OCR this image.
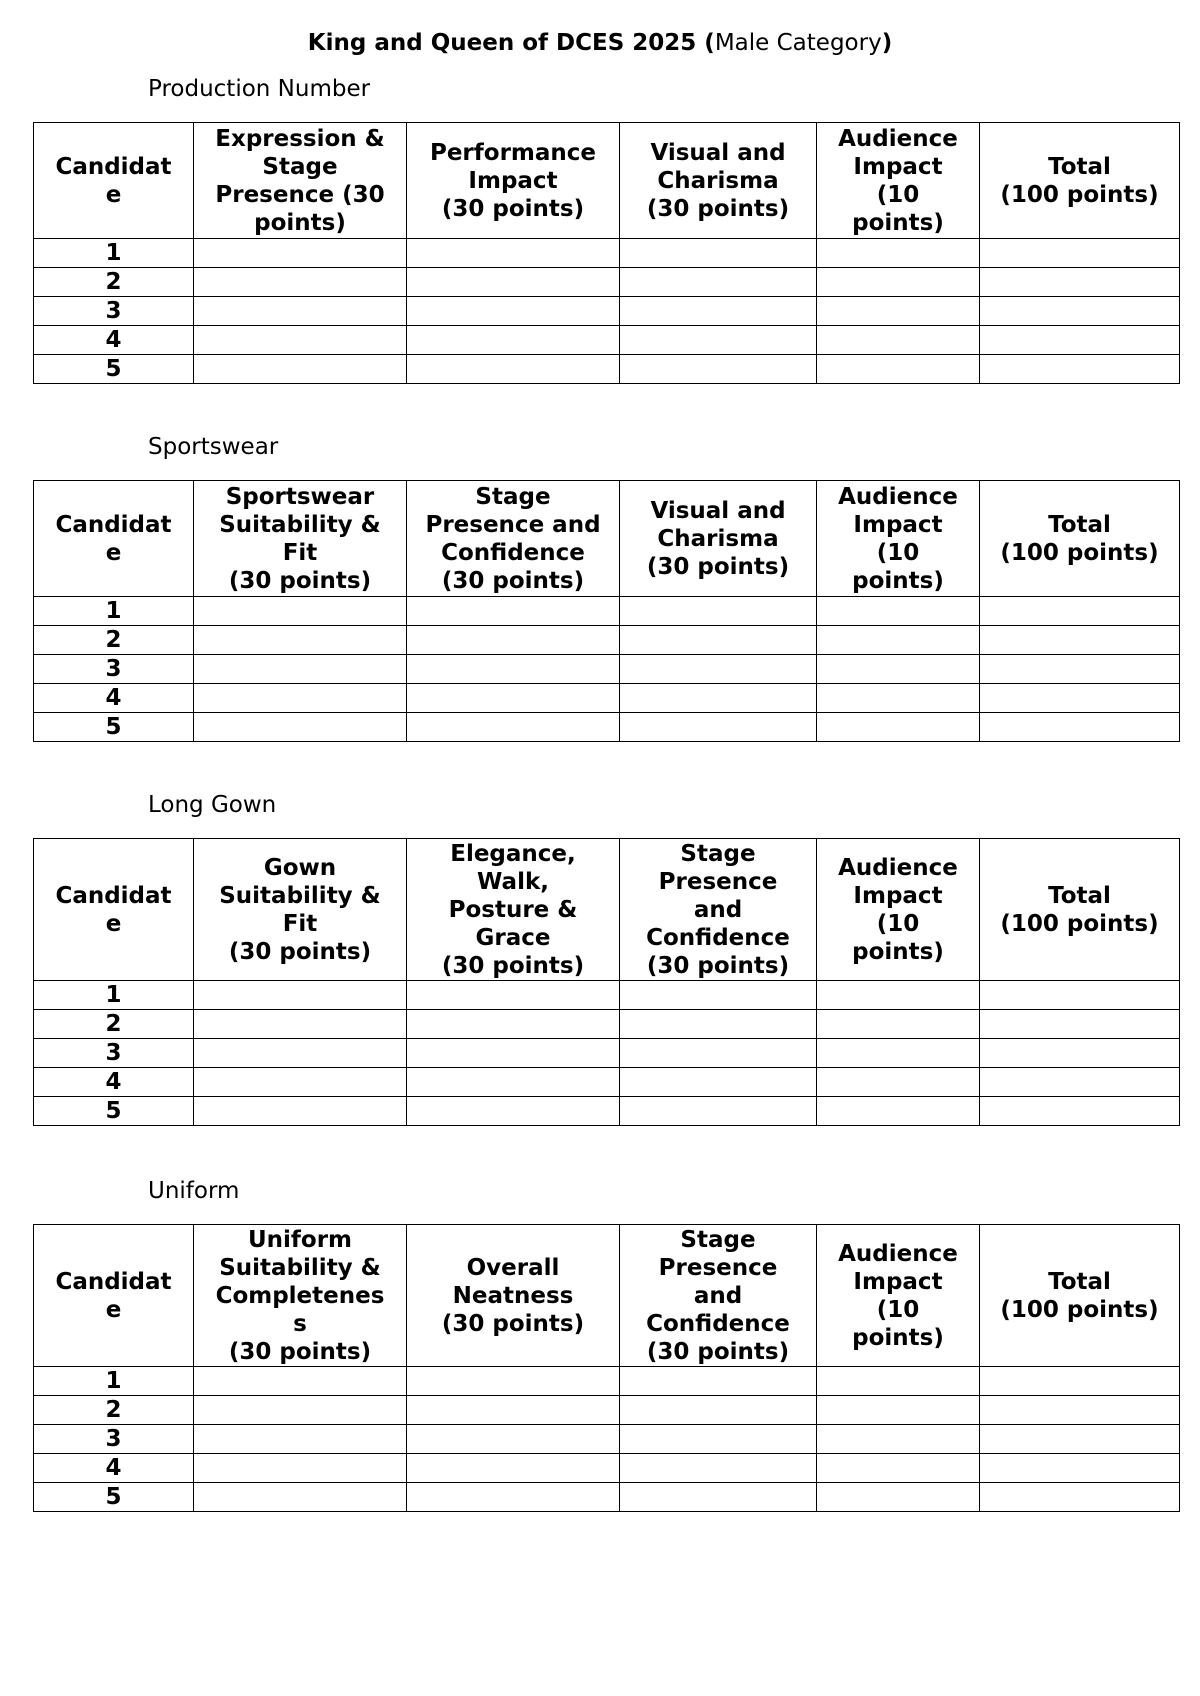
King and Queen of DCES 2025 (Male Category)
Production Number
Candidat
e	Expression &
Stage
Presence (30
points)	Performance
Impact
(30 points)	Visual and
Charisma
(30 points)	Audience
Impact
(10
points)	Total
(100 points)
1					
2					
3					
4					
5					
Sportswear
Candidat
e	Sportswear
Suitability &
Fit
(30 points)	Stage
Presence and
Confidence
(30 points)	Visual and
Charisma
(30 points)	Audience
Impact
(10
points)	Total
(100 points)
1					
2					
3					
4					
5					
Long Gown
Candidat
e	Gown
Suitability &
Fit
(30 points)	Elegance,
Walk,
Posture &
Grace
(30 points)	Stage
Presence
and
Confidence
(30 points)	Audience
Impact
(10
points)	Total
(100 points)
1					
2					
3					
4					
5					
Uniform
Candidat
e	Uniform
Suitability &
Completenes
s
(30 points)	Overall
Neatness
(30 points)	Stage
Presence
and
Confidence
(30 points)	Audience
Impact
(10
points)	Total
(100 points)
1					
2					
3					
4					
5					
